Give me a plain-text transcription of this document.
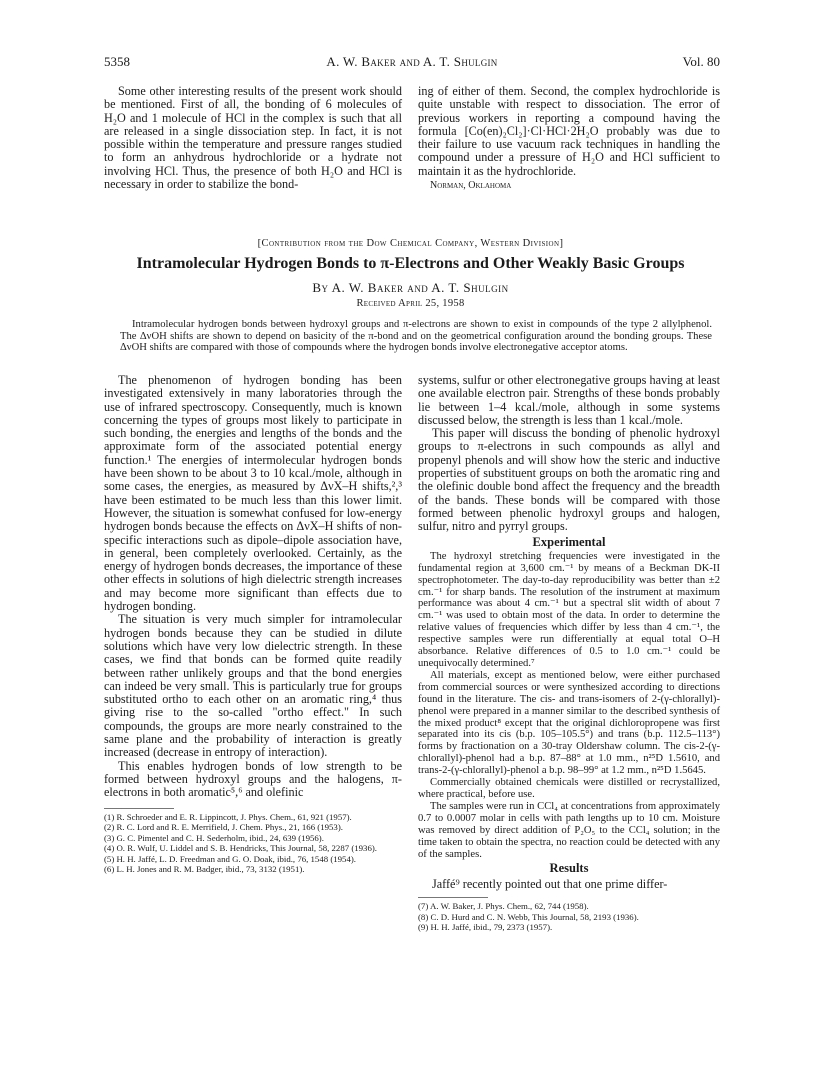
5358	A. W. Baker and A. T. Shulgin	Vol. 80

Some other interesting results of the present work should be mentioned. First of all, the bonding of 6 molecules of H₂O and 1 molecule of HCl in the complex is such that all are released in a single dissociation step. In fact, it is not possible within the temperature and pressure ranges studied to form an anhydrous hydrochloride or a hydrate not involving HCl. Thus, the presence of both H₂O and HCl is necessary in order to stabilize the bond-

ing of either of them. Second, the complex hydrochloride is quite unstable with respect to dissociation. The error of previous workers in reporting a compound having the formula [Co(en)₂Cl₂]·Cl·HCl·2H₂O probably was due to their failure to use vacuum rack techniques in handling the compound under a pressure of H₂O and HCl sufficient to maintain it as the hydrochloride.

Norman, Oklahoma
[Contribution from the Dow Chemical Company, Western Division]
Intramolecular Hydrogen Bonds to π-Electrons and Other Weakly Basic Groups
By A. W. Baker and A. T. Shulgin
Received April 25, 1958

Intramolecular hydrogen bonds between hydroxyl groups and π-electrons are shown to exist in compounds of the type 2 allylphenol. The ΔνOH shifts are shown to depend on basicity of the π-bond and on the geometrical configuration around the bonding groups. These ΔνOH shifts are compared with those of compounds where the hydrogen bonds involve electronegative acceptor atoms.

The phenomenon of hydrogen bonding has been investigated extensively in many laboratories through the use of infrared spectroscopy. Consequently, much is known concerning the types of groups most likely to participate in such bonding, the energies and lengths of the bonds and the approximate form of the associated potential energy function.¹ The energies of intermolecular hydrogen bonds have been shown to be about 3 to 10 kcal./mole, although in some cases, the energies, as measured by ΔνX–H shifts,²,³ have been estimated to be much less than this lower limit. However, the situation is somewhat confused for low-energy hydrogen bonds because the effects on ΔνX–H shifts of non-specific interactions such as dipole–dipole association have, in general, been completely overlooked. Certainly, as the energy of hydrogen bonds decreases, the importance of these other effects in solutions of high dielectric strength increases and may become more significant than effects due to hydrogen bonding.

The situation is very much simpler for intramolecular hydrogen bonds because they can be studied in dilute solutions which have very low dielectric strength. In these cases, we find that bonds can be formed quite readily between rather unlikely groups and that the bond energies can indeed be very small. This is particularly true for groups substituted ortho to each other on an aromatic ring,⁴ thus giving rise to the so-called "ortho effect." In such compounds, the groups are more nearly constrained to the same plane and the probability of interaction is greatly increased (decrease in entropy of interaction).

This enables hydrogen bonds of low strength to be formed between hydroxyl groups and the halogens, π-electrons in both aromatic⁵,⁶ and olefinic

(1) R. Schroeder and E. R. Lippincott, J. Phys. Chem., 61, 921 (1957).
(2) R. C. Lord and R. E. Merrifield, J. Chem. Phys., 21, 166 (1953).
(3) G. C. Pimentel and C. H. Sederholm, ibid., 24, 639 (1956).
(4) O. R. Wulf, U. Liddel and S. B. Hendricks, This Journal, 58, 2287 (1936).
(5) H. H. Jaffé, L. D. Freedman and G. O. Doak, ibid., 76, 1548 (1954).
(6) L. H. Jones and R. M. Badger, ibid., 73, 3132 (1951).

systems, sulfur or other electronegative groups having at least one available electron pair. Strengths of these bonds probably lie between 1–4 kcal./mole, although in some systems discussed below, the strength is less than 1 kcal./mole.

This paper will discuss the bonding of phenolic hydroxyl groups to π-electrons in such compounds as allyl and propenyl phenols and will show how the steric and inductive properties of substituent groups on both the aromatic ring and the olefinic double bond affect the frequency and the breadth of the bands. These bonds will be compared with those formed between phenolic hydroxyl groups and halogen, sulfur, nitro and pyrryl groups.

Experimental

The hydroxyl stretching frequencies were investigated in the fundamental region at 3,600 cm.⁻¹ by means of a Beckman DK-II spectrophotometer. The day-to-day reproducibility was better than ±2 cm.⁻¹ for sharp bands. The resolution of the instrument at maximum performance was about 4 cm.⁻¹ but a spectral slit width of about 7 cm.⁻¹ was used to obtain most of the data. In order to determine the relative values of frequencies which differ by less than 4 cm.⁻¹, the respective samples were run differentially at equal total O–H absorbance. Relative differences of 0.5 to 1.0 cm.⁻¹ could be unequivocally determined.⁷

All materials, except as mentioned below, were either purchased from commercial sources or were synthesized according to directions found in the literature. The cis- and trans-isomers of 2-(γ-chlorallyl)-phenol were prepared in a manner similar to the described synthesis of the mixed product⁸ except that the original dichloropropene was first separated into its cis (b.p. 105–105.5°) and trans (b.p. 112.5–113°) forms by fractionation on a 30-tray Oldershaw column. The cis-2-(γ-chlorallyl)-phenol had a b.p. 87–88° at 1.0 mm., n²⁵D 1.5610, and trans-2-(γ-chlorallyl)-phenol a b.p. 98–99° at 1.2 mm., n²⁵D 1.5645.

Commercially obtained chemicals were distilled or recrystallized, where practical, before use.

The samples were run in CCl₄ at concentrations from approximately 0.7 to 0.0007 molar in cells with path lengths up to 10 cm. Moisture was removed by direct addition of P₂O₅ to the CCl₄ solution; in the time taken to obtain the spectra, no reaction could be detected with any of the samples.

Results

Jaffé⁹ recently pointed out that one prime differ-

(7) A. W. Baker, J. Phys. Chem., 62, 744 (1958).
(8) C. D. Hurd and C. N. Webb, This Journal, 58, 2193 (1936).
(9) H. H. Jaffé, ibid., 79, 2373 (1957).
